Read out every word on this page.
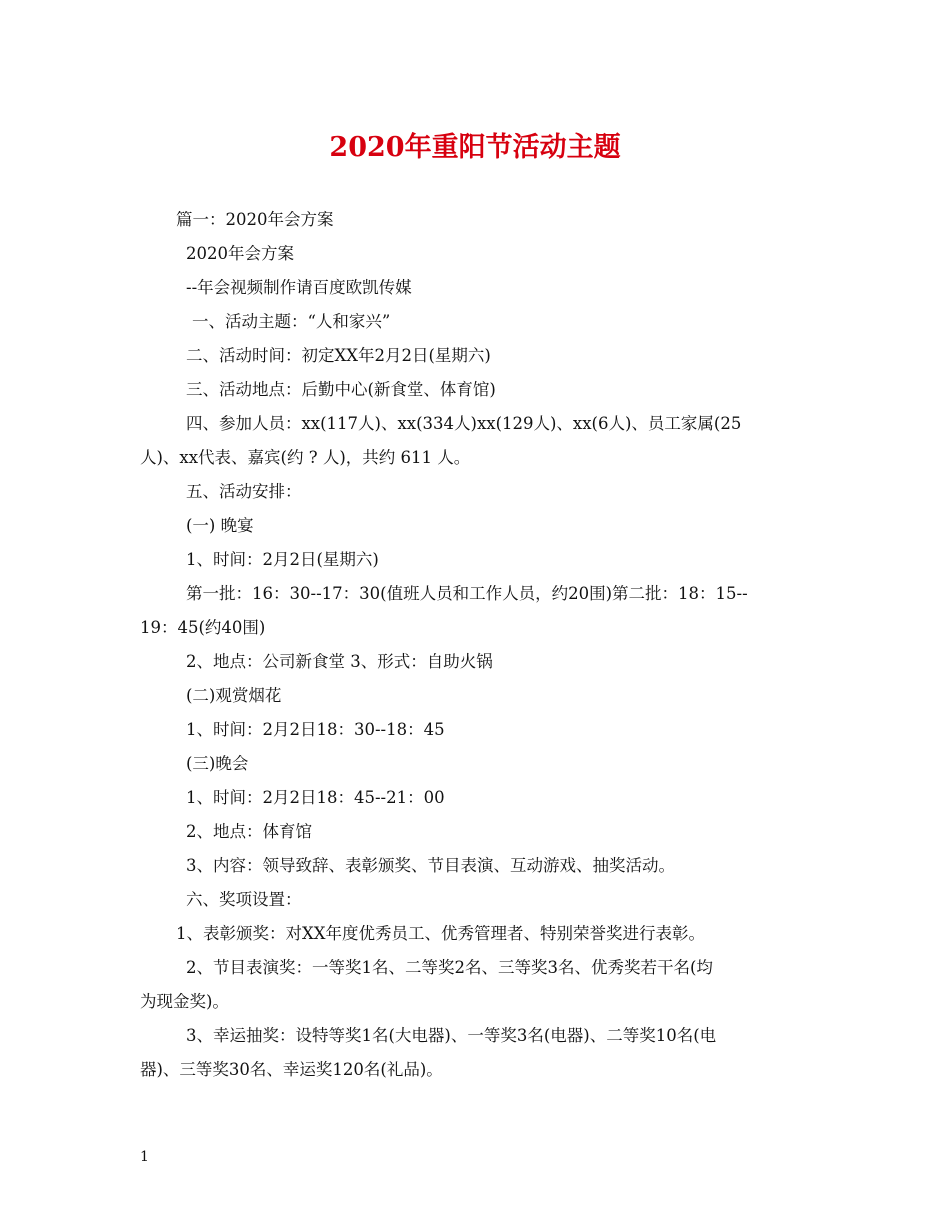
2020年重阳节活动主题
篇一：2020年会方案
2020年会方案
--年会视频制作请百度欧凯传媒
一、活动主题：“人和家兴”
二、活动时间：初定XX年2月2日(星期六)
三、活动地点：后勤中心(新食堂、体育馆)
四、参加人员：xx(117人)、xx(334人)xx(129人)、xx(6人)、员工家属(25
人)、xx代表、嘉宾(约 ? 人)，共约 611 人。
五、活动安排：
(一) 晚宴
1、时间：2月2日(星期六)
第一批：16：30--17：30(值班人员和工作人员，约20围)第二批：18：15--
19：45(约40围)
2、地点：公司新食堂 3、形式：自助火锅
(二)观赏烟花
1、时间：2月2日18：30--18：45
(三)晚会
1、时间：2月2日18：45--21：00
2、地点：体育馆
3、内容：领导致辞、表彰颁奖、节目表演、互动游戏、抽奖活动。
六、奖项设置：
1、表彰颁奖：对XX年度优秀员工、优秀管理者、特别荣誉奖进行表彰。
2、节目表演奖：一等奖1名、二等奖2名、三等奖3名、优秀奖若干名(均
为现金奖)。
3、幸运抽奖：设特等奖1名(大电器)、一等奖3名(电器)、二等奖10名(电
器)、三等奖30名、幸运奖120名(礼品)。
1
